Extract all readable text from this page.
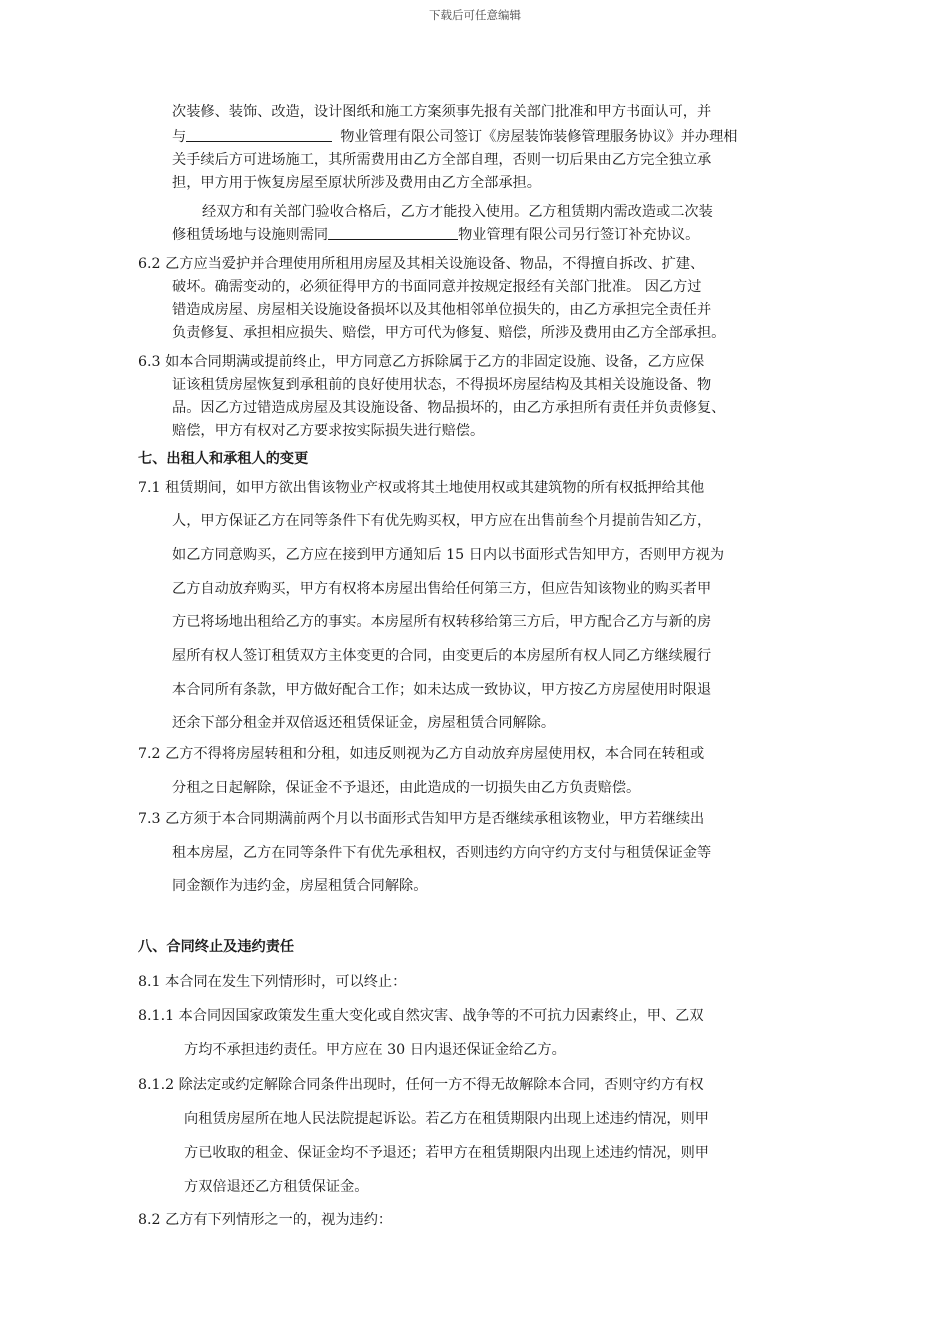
下载后可任意编辑
次装修、装饰、改造，设计图纸和施工方案须事先报有关部门批准和甲方书面认可，并
与	物业管理有限公司签订《房屋装饰装修管理服务协议》并办理相
关手续后方可进场施工，其所需费用由乙方全部自理，否则一切后果由乙方完全独立承
担，甲方用于恢复房屋至原状所涉及费用由乙方全部承担。
经双方和有关部门验收合格后，乙方才能投入使用。乙方租赁期内需改造或二次装
修租赁场地与设施则需同	物业管理有限公司另行签订补充协议。
6.2 乙方应当爱护并合理使用所租用房屋及其相关设施设备、物品，不得擅自拆改、扩建、
破坏。确需变动的，必须征得甲方的书面同意并按规定报经有关部门批准。 因乙方过
错造成房屋、房屋相关设施设备损坏以及其他相邻单位损失的，由乙方承担完全责任并
负责修复、承担相应损失、赔偿，甲方可代为修复、赔偿，所涉及费用由乙方全部承担。
6.3 如本合同期满或提前终止，甲方同意乙方拆除属于乙方的非固定设施、设备，乙方应保
证该租赁房屋恢复到承租前的良好使用状态，不得损坏房屋结构及其相关设施设备、物
品。因乙方过错造成房屋及其设施设备、物品损坏的，由乙方承担所有责任并负责修复、
赔偿，甲方有权对乙方要求按实际损失进行赔偿。
七、出租人和承租人的变更
7.1 租赁期间，如甲方欲出售该物业产权或将其土地使用权或其建筑物的所有权抵押给其他
人，甲方保证乙方在同等条件下有优先购买权，甲方应在出售前叁个月提前告知乙方，
如乙方同意购买，乙方应在接到甲方通知后 15 日内以书面形式告知甲方，否则甲方视为
乙方自动放弃购买，甲方有权将本房屋出售给任何第三方，但应告知该物业的购买者甲
方已将场地出租给乙方的事实。本房屋所有权转移给第三方后，甲方配合乙方与新的房
屋所有权人签订租赁双方主体变更的合同，由变更后的本房屋所有权人同乙方继续履行
本合同所有条款，甲方做好配合工作；如未达成一致协议，甲方按乙方房屋使用时限退
还余下部分租金并双倍返还租赁保证金，房屋租赁合同解除。
7.2 乙方不得将房屋转租和分租，如违反则视为乙方自动放弃房屋使用权，本合同在转租或
分租之日起解除，保证金不予退还，由此造成的一切损失由乙方负责赔偿。
7.3 乙方须于本合同期满前两个月以书面形式告知甲方是否继续承租该物业，甲方若继续出
租本房屋，乙方在同等条件下有优先承租权，否则违约方向守约方支付与租赁保证金等
同金额作为违约金，房屋租赁合同解除。
八、合同终止及违约责任
8.1 本合同在发生下列情形时，可以终止：
8.1.1 本合同因国家政策发生重大变化或自然灾害、战争等的不可抗力因素终止，甲、乙双
方均不承担违约责任。甲方应在 30 日内退还保证金给乙方。
8.1.2 除法定或约定解除合同条件出现时，任何一方不得无故解除本合同，否则守约方有权
向租赁房屋所在地人民法院提起诉讼。若乙方在租赁期限内出现上述违约情况，则甲
方已收取的租金、保证金均不予退还；若甲方在租赁期限内出现上述违约情况，则甲
方双倍退还乙方租赁保证金。
8.2 乙方有下列情形之一的，视为违约：
